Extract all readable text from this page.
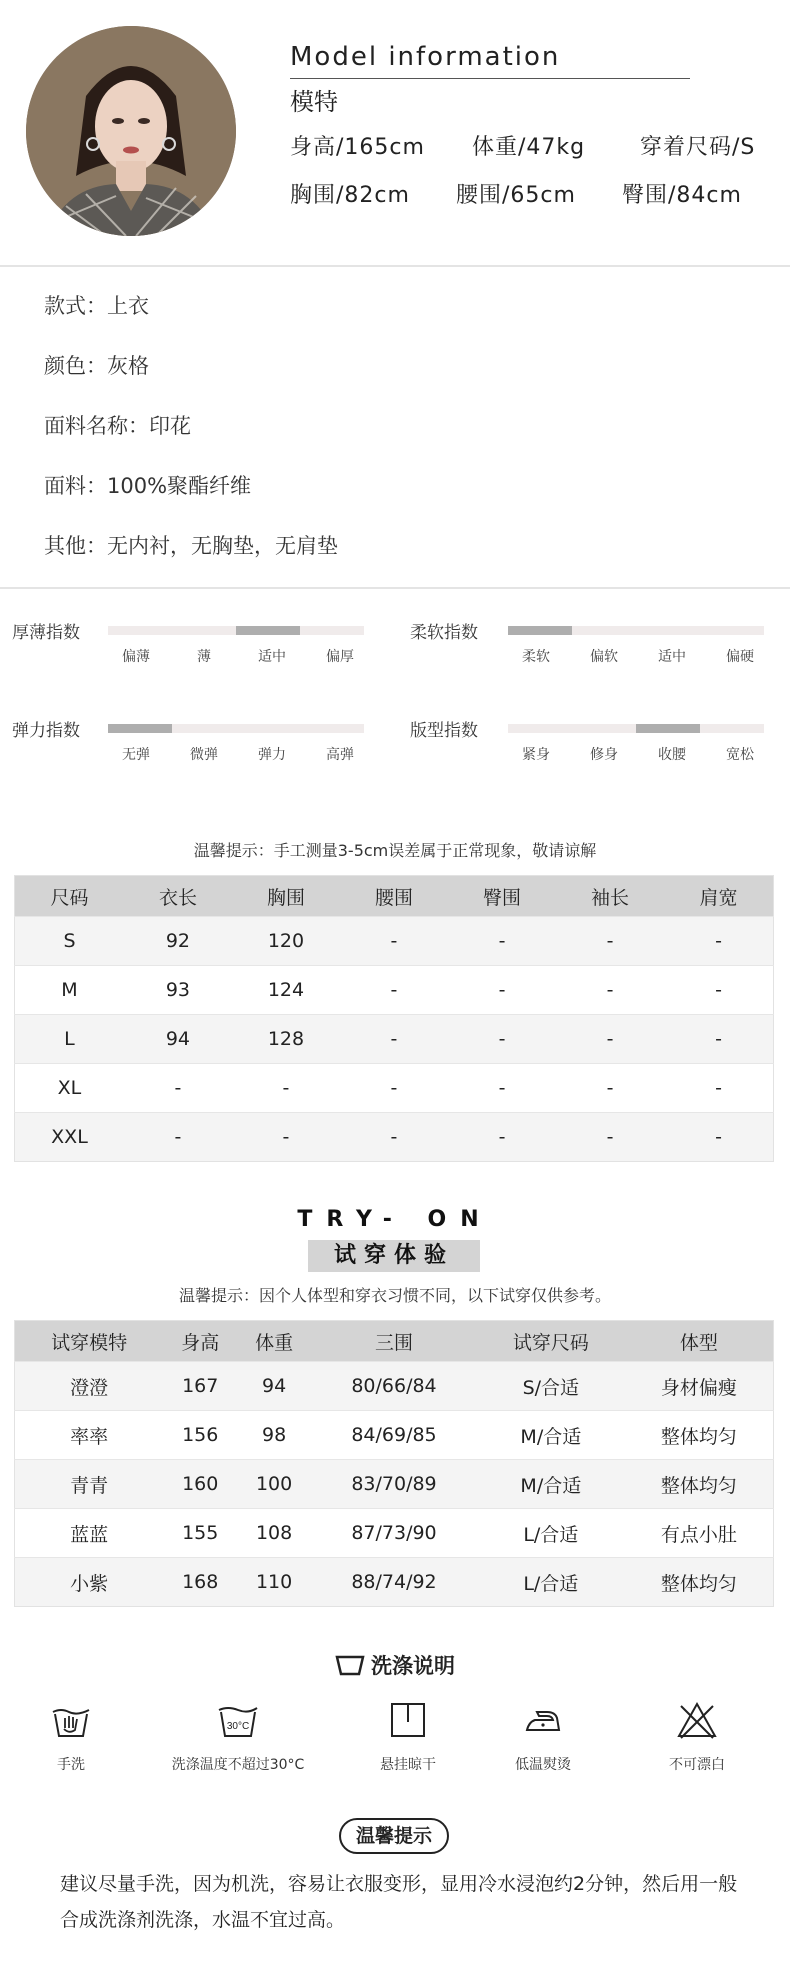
Model information
模特
身高/165cm 体重/47kg 穿着尺码/S
胸围/82cm 腰围/65cm 臀围/84cm
款式：上衣
颜色：灰格
面料名称：印花
面料：100%聚酯纤维
其他：无内衬，无胸垫，无肩垫
厚薄指数
偏薄	薄	适中	偏厚
柔软指数
柔软	偏软	适中	偏硬
弹力指数
无弹	微弹	弹力	高弹
版型指数
紧身	修身	收腰	宽松
温馨提示：手工测量3-5cm误差属于正常现象，敬请谅解
尺码	衣长	胸围	腰围	臀围	袖长	肩宽
S	92	120	-	-	-	-
M	93	124	-	-	-	-
L	94	128	-	-	-	-
XL	-	-	-	-	-	-
XXL	-	-	-	-	-	-
TRY- ON
试穿体验
温馨提示：因个人体型和穿衣习惯不同，以下试穿仅供参考。
试穿模特	身高	体重	三围	试穿尺码	体型
澄澄	167	94	80/66/84	S/合适	身材偏瘦
率率	156	98	84/69/85	M/合适	整体均匀
青青	160	100	83/70/89	M/合适	整体均匀
蓝蓝	155	108	87/73/90	L/合适	有点小肚
小紫	168	110	88/74/92	L/合适	整体均匀
洗涤说明
手洗
30°C
洗涤温度不超过30°C	悬挂晾干	低温熨烫	不可漂白
温馨提示
建议尽量手洗，因为机洗，容易让衣服变形，显用冷水浸泡约2分钟，然后用一般合成洗涤剂洗涤，水温不宜过高。
